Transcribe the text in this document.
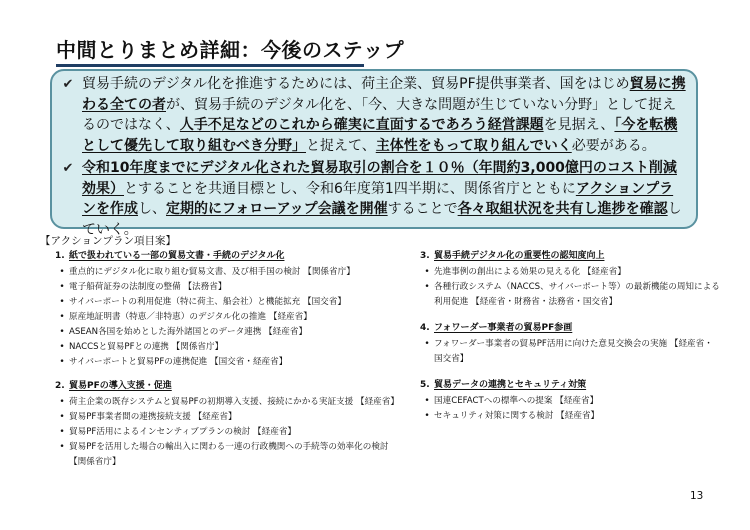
中間とりまとめ詳細：今後のステップ
✔ 貿易手続のデジタル化を推進するためには、荷主企業、貿易PF提供事業者、国をはじめ貿易に携わる全ての者が、貿易手続のデジタル化を、「今、大きな問題が生じていない分野」として捉えるのではなく、人手不足などのこれから確実に直面するであろう経営課題を見据え、「今を転機として優先して取り組むべき分野」と捉えて、主体性をもって取り組んでいく必要がある。
✔ 令和10年度までにデジタル化された貿易取引の割合を１０％（年間約3,000億円のコスト削減効果）とすることを共通目標とし、令和6年度第1四半期に、関係省庁とともにアクションプランを作成し、定期的にフォローアップ会議を開催することで各々取組状況を共有し進捗を確認していく。
【アクションプラン項目案】
1. 紙で扱われている一部の貿易文書・手続のデジタル化
• 重点的にデジタル化に取り組む貿易文書、及び相手国の検討 【関係省庁】
• 電子船荷証券の法制度の整備 【法務省】
• サイバーポートの利用促進（特に荷主、船会社）と機能拡充 【国交省】
• 原産地証明書（特恵／非特恵）のデジタル化の推進 【経産省】
• ASEAN各国を始めとした海外諸国とのデータ連携 【経産省】
• NACCSと貿易PFとの連携 【関係省庁】
• サイバーポートと貿易PFの連携促進 【国交省・経産省】
2. 貿易PFの導入支援・促進
• 荷主企業の既存システムと貿易PFの初期導入支援、接続にかかる実証支援 【経産省】
• 貿易PF事業者間の連携接続支援 【経産省】
• 貿易PF活用によるインセンティブプランの検討 【経産省】
• 貿易PFを活用した場合の輸出入に関わる一連の行政機関への手続等の効率化の検討 【関係省庁】
3. 貿易手続デジタル化の重要性の認知度向上
• 先進事例の創出による効果の見える化 【経産省】
• 各種行政システム（NACCS、サイバーポート等）の最新機能の周知による利用促進 【経産省・財務省・法務省・国交省】
4. フォワーダー事業者の貿易PF参画
• フォワーダー事業者の貿易PF活用に向けた意見交換会の実施 【経産省・国交省】
5. 貿易データの連携とセキュリティ対策
• 国連CEFACTへの標準への提案 【経産省】
• セキュリティ対策に関する検討 【経産省】
13
